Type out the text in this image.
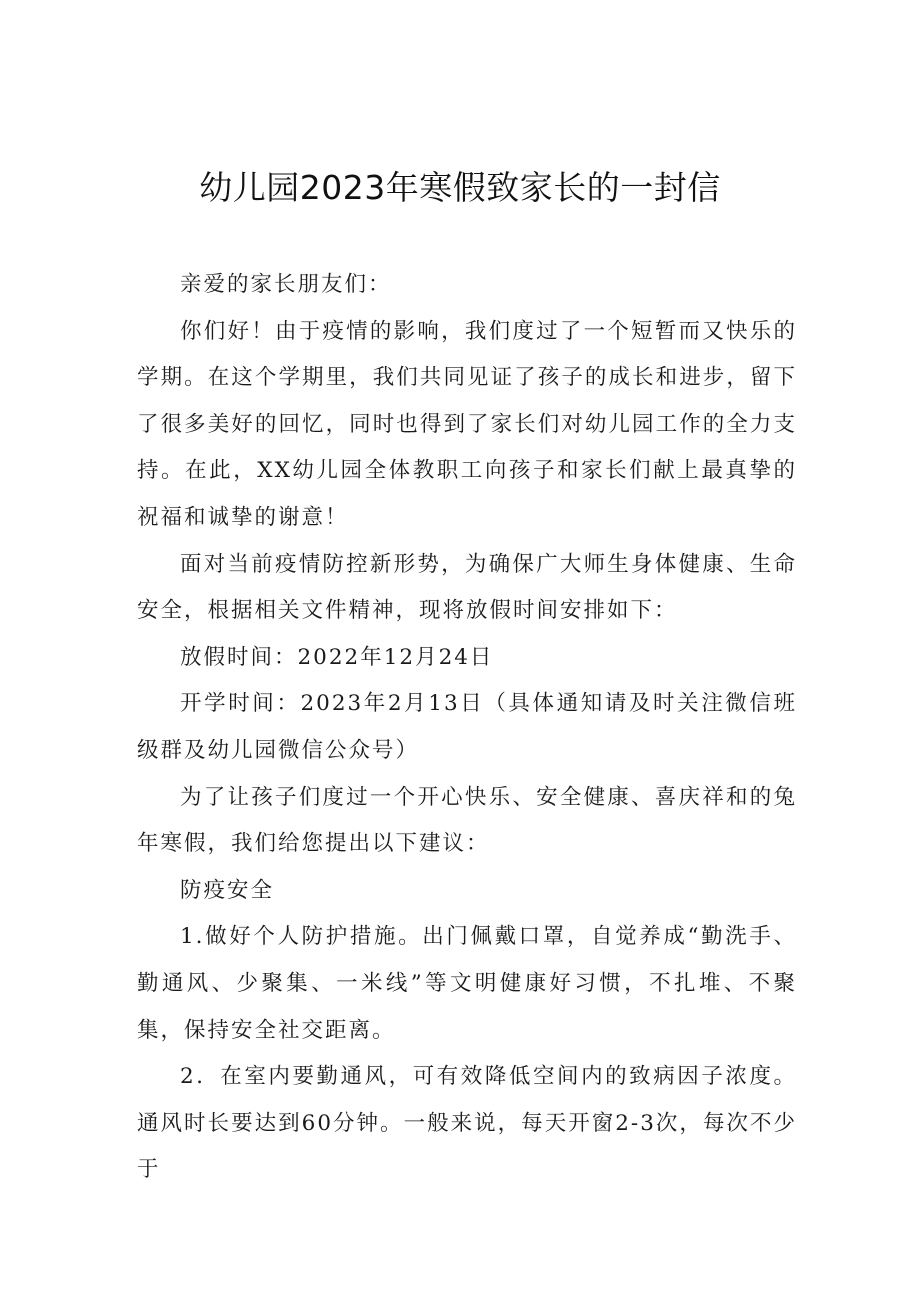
幼儿园2023年寒假致家长的一封信

亲爱的家长朋友们：

你们好！由于疫情的影响，我们度过了一个短暂而又快乐的学期。在这个学期里，我们共同见证了孩子的成长和进步，留下了很多美好的回忆，同时也得到了家长们对幼儿园工作的全力支持。在此，XX幼儿园全体教职工向孩子和家长们献上最真挚的祝福和诚挚的谢意！

面对当前疫情防控新形势，为确保广大师生身体健康、生命安全，根据相关文件精神，现将放假时间安排如下：

放假时间：2022年12月24日

开学时间：2023年2月13日（具体通知请及时关注微信班级群及幼儿园微信公众号）

为了让孩子们度过一个开心快乐、安全健康、喜庆祥和的兔年寒假，我们给您提出以下建议：

防疫安全

1.做好个人防护措施。出门佩戴口罩，自觉养成“勤洗手、勤通风、少聚集、一米线”等文明健康好习惯，不扎堆、不聚集，保持安全社交距离。

2．在室内要勤通风，可有效降低空间内的致病因子浓度。通风时长要达到60分钟。一般来说，每天开窗2-3次，每次不少于
